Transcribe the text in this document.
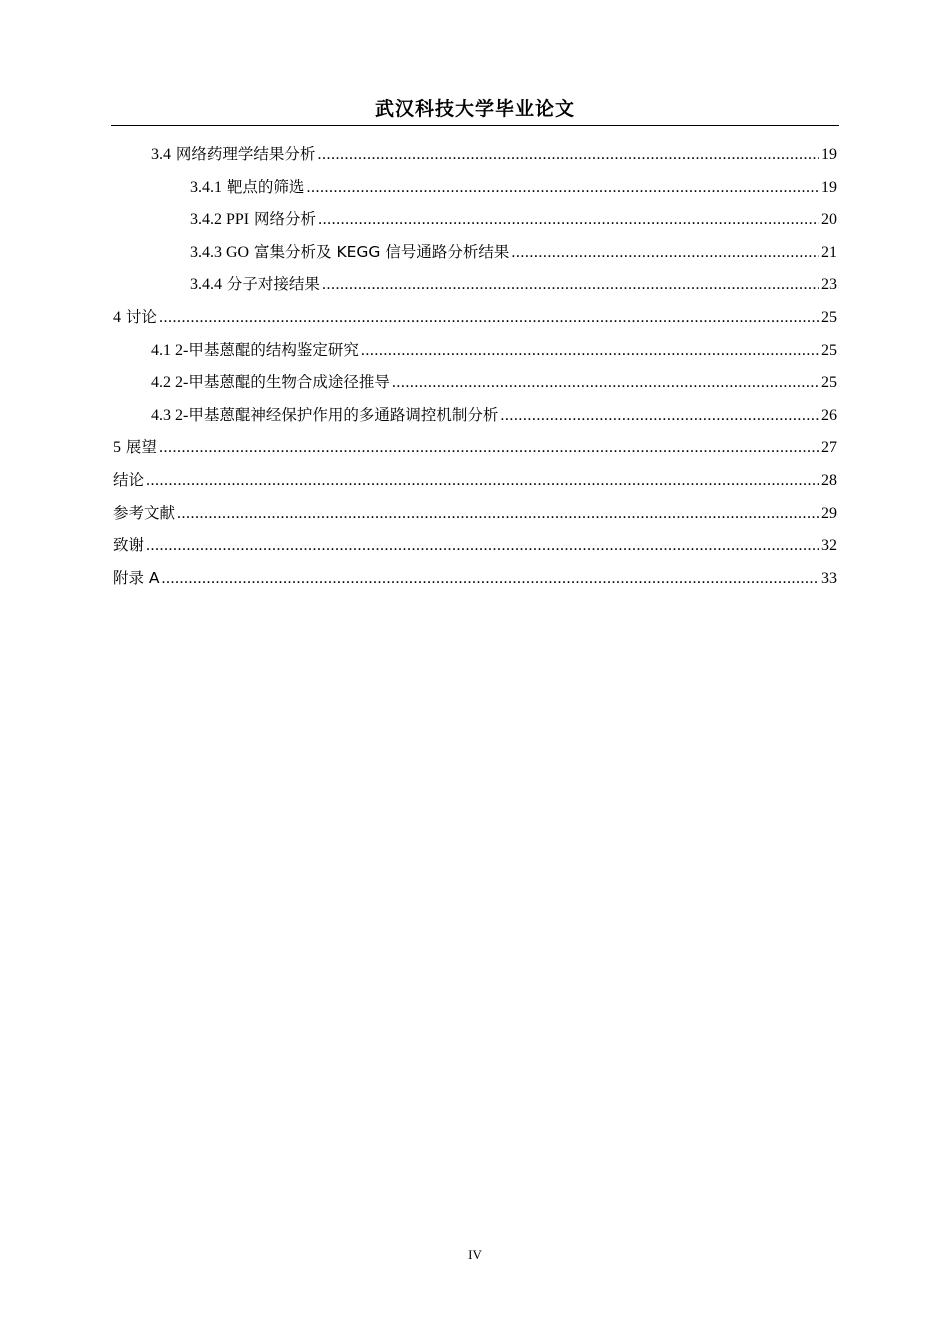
武汉科技大学毕业论文
3.4 网络药理学结果分析 .....	19
3.4.1 靶点的筛选 .....	19
3.4.2 PPI 网络分析 .....	20
3.4.3 GO 富集分析及 KEGG 信号通路分析结果 .....	21
3.4.4 分子对接结果 .....	23
4 讨论 .....	25
4.1 2-甲基蒽醌的结构鉴定研究 .....	25
4.2 2-甲基蒽醌的生物合成途径推导 .....	25
4.3 2-甲基蒽醌神经保护作用的多通路调控机制分析 .....	26
5 展望 .....	27
结论 .....	28
参考文献 .....	29
致谢 .....	32
附录 A .....	33
IV
